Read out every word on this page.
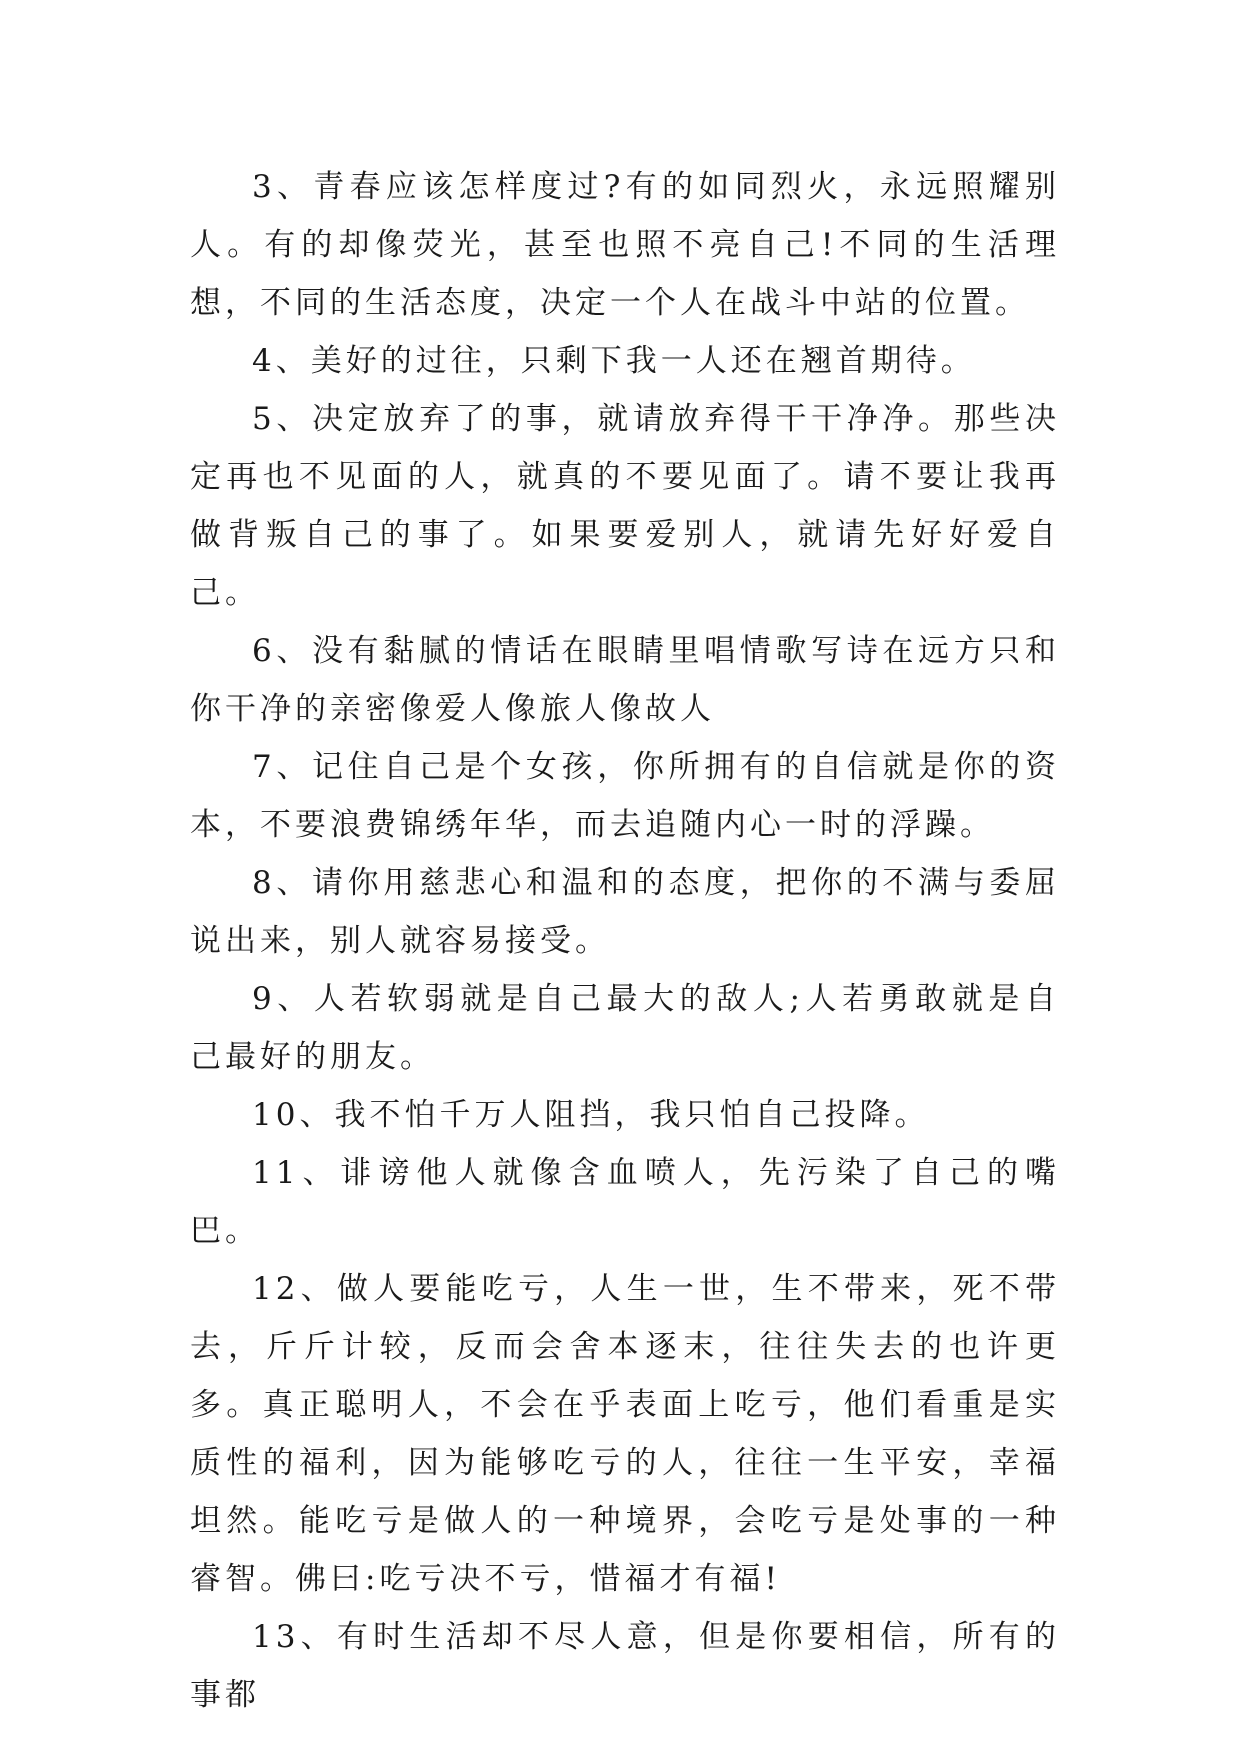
3、青春应该怎样度过?有的如同烈火，永远照耀别人。有的却像荧光，甚至也照不亮自己!不同的生活理想，不同的生活态度，决定一个人在战斗中站的位置。

4、美好的过往，只剩下我一人还在翘首期待。

5、决定放弃了的事，就请放弃得干干净净。那些决定再也不见面的人，就真的不要见面了。请不要让我再做背叛自己的事了。如果要爱别人，就请先好好爱自己。

6、没有黏腻的情话在眼睛里唱情歌写诗在远方只和你干净的亲密像爱人像旅人像故人

7、记住自己是个女孩，你所拥有的自信就是你的资本，不要浪费锦绣年华，而去追随内心一时的浮躁。

8、请你用慈悲心和温和的态度，把你的不满与委屈说出来，别人就容易接受。

9、人若软弱就是自己最大的敌人;人若勇敢就是自己最好的朋友。

10、我不怕千万人阻挡，我只怕自己投降。

11、诽谤他人就像含血喷人，先污染了自己的嘴巴。

12、做人要能吃亏，人生一世，生不带来，死不带去，斤斤计较，反而会舍本逐末，往往失去的也许更多。真正聪明人，不会在乎表面上吃亏，他们看重是实质性的福利，因为能够吃亏的人，往往一生平安，幸福坦然。能吃亏是做人的一种境界，会吃亏是处事的一种睿智。佛曰:吃亏决不亏，惜福才有福!

13、有时生活却不尽人意，但是你要相信，所有的事都
